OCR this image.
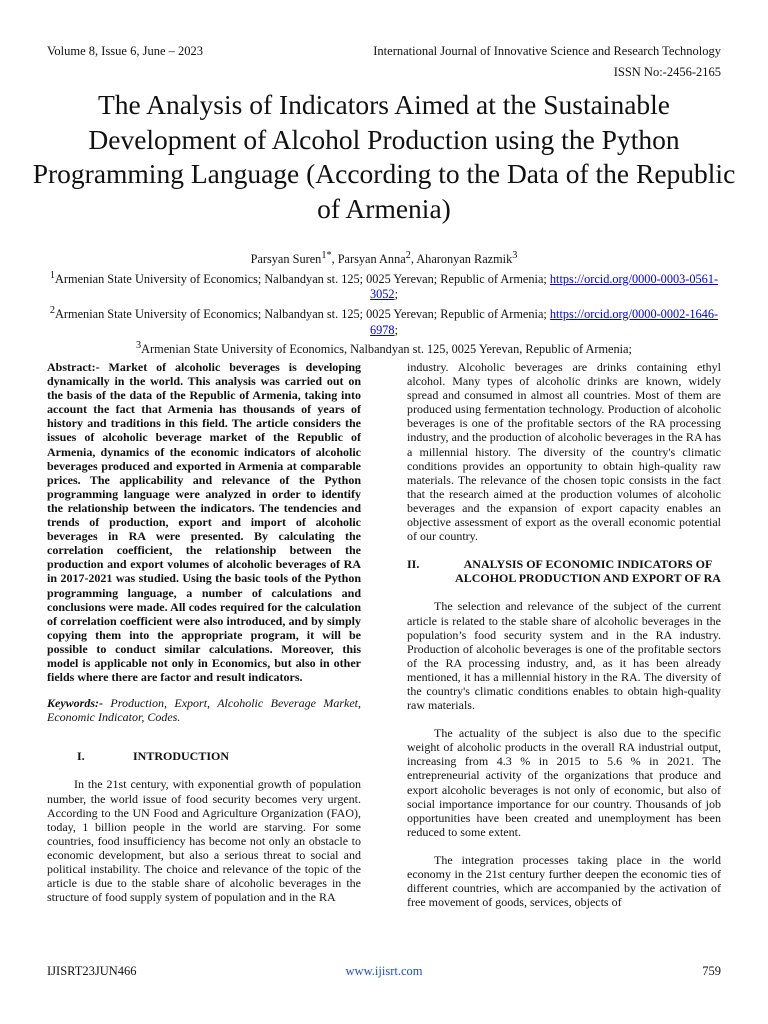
Volume 8, Issue 6, June – 2023	International Journal of Innovative Science and Research Technology
ISSN No:-2456-2165
The Analysis of Indicators Aimed at the Sustainable Development of Alcohol Production using the Python Programming Language (According to the Data of the Republic of Armenia)
Parsyan Suren$^{1*}$, Parsyan Anna$^2$, Aharonyan Razmik$^3$
$^1$Armenian State University of Economics; Nalbandyan st. 125; 0025 Yerevan; Republic of Armenia; https://orcid.org/0000-0003-0561-3052;
$^2$Armenian State University of Economics; Nalbandyan st. 125; 0025 Yerevan; Republic of Armenia; https://orcid.org/0000-0002-1646-6978;
$^3$Armenian State University of Economics, Nalbandyan st. 125, 0025 Yerevan, Republic of Armenia;

Abstract:- Market of alcoholic beverages is developing dynamically in the world. This analysis was carried out on the basis of the data of the Republic of Armenia, taking into account the fact that Armenia has thousands of years of history and traditions in this field. The article considers the issues of alcoholic beverage market of the Republic of Armenia, dynamics of the economic indicators of alcoholic beverages produced and exported in Armenia at comparable prices. The applicability and relevance of the Python programming language were analyzed in order to identify the relationship between the indicators. The tendencies and trends of production, export and import of alcoholic beverages in RA were presented. By calculating the correlation coefficient, the relationship between the production and export volumes of alcoholic beverages of RA in 2017-2021 was studied. Using the basic tools of the Python programming language, a number of calculations and conclusions were made. All codes required for the calculation of correlation coefficient were also introduced, and by simply copying them into the appropriate program, it will be possible to conduct similar calculations. Moreover, this model is applicable not only in Economics, but also in other fields where there are factor and result indicators.

Keywords:- Production, Export, Alcoholic Beverage Market, Economic Indicator, Codes.

I.	INTRODUCTION

In the 21st century, with exponential growth of population number, the world issue of food security becomes very urgent. According to the UN Food and Agriculture Organization (FAO), today, 1 billion people in the world are starving. For some countries, food insufficiency has become not only an obstacle to economic development, but also a serious threat to social and political instability. The choice and relevance of the topic of the article is due to the stable share of alcoholic beverages in the structure of food supply system of population and in the RA

industry. Alcoholic beverages are drinks containing ethyl alcohol. Many types of alcoholic drinks are known, widely spread and consumed in almost all countries. Most of them are produced using fermentation technology. Production of alcoholic beverages is one of the profitable sectors of the RA processing industry, and the production of alcoholic beverages in the RA has a millennial history. The diversity of the country's climatic conditions provides an opportunity to obtain high-quality raw materials. The relevance of the chosen topic consists in the fact that the research aimed at the production volumes of alcoholic beverages and the expansion of export capacity enables an objective assessment of export as the overall economic potential of our country.

II.	ANALYSIS OF ECONOMIC INDICATORS OF ALCOHOL PRODUCTION AND EXPORT OF RA

The selection and relevance of the subject of the current article is related to the stable share of alcoholic beverages in the population’s food security system and in the RA industry. Production of alcoholic beverages is one of the profitable sectors of the RA processing industry, and, as it has been already mentioned, it has a millennial history in the RA. The diversity of the country's climatic conditions enables to obtain high-quality raw materials.

The actuality of the subject is also due to the specific weight of alcoholic products in the overall RA industrial output, increasing from 4.3 % in 2015 to 5.6 % in 2021. The entrepreneurial activity of the organizations that produce and export alcoholic beverages is not only of economic, but also of social importance importance for our country. Thousands of job opportunities have been created and unemployment has been reduced to some extent.

The integration processes taking place in the world economy in the 21st century further deepen the economic ties of different countries, which are accompanied by the activation of free movement of goods, services, objects of

IJISRT23JUN466	www.ijisrt.com	759
